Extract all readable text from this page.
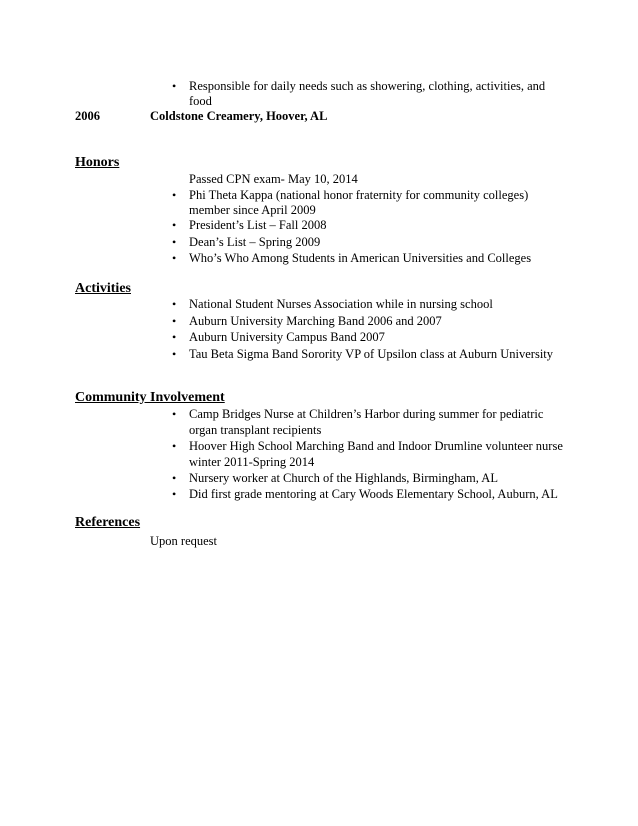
•	Responsible for daily needs such as showering, clothing, activities, and
food
2006	Coldstone Creamery, Hoover, AL
Honors
Passed CPN exam- May 10, 2014
•	Phi Theta Kappa (national honor fraternity for community colleges)
member since April 2009
•	President’s List – Fall 2008
•	Dean’s List – Spring 2009
•	Who’s Who Among Students in American Universities and Colleges
Activities
•	National Student Nurses Association while in nursing school
•	Auburn University Marching Band 2006 and 2007
•	Auburn University Campus Band 2007
•	Tau Beta Sigma Band Sorority VP of Upsilon class at Auburn University
Community Involvement
•	Camp Bridges Nurse at Children’s Harbor during summer for pediatric
organ transplant recipients
•	Hoover High School Marching Band and Indoor Drumline volunteer nurse
winter 2011-Spring 2014
•	Nursery worker at Church of the Highlands, Birmingham, AL
•	Did first grade mentoring at Cary Woods Elementary School, Auburn, AL
References
Upon request
